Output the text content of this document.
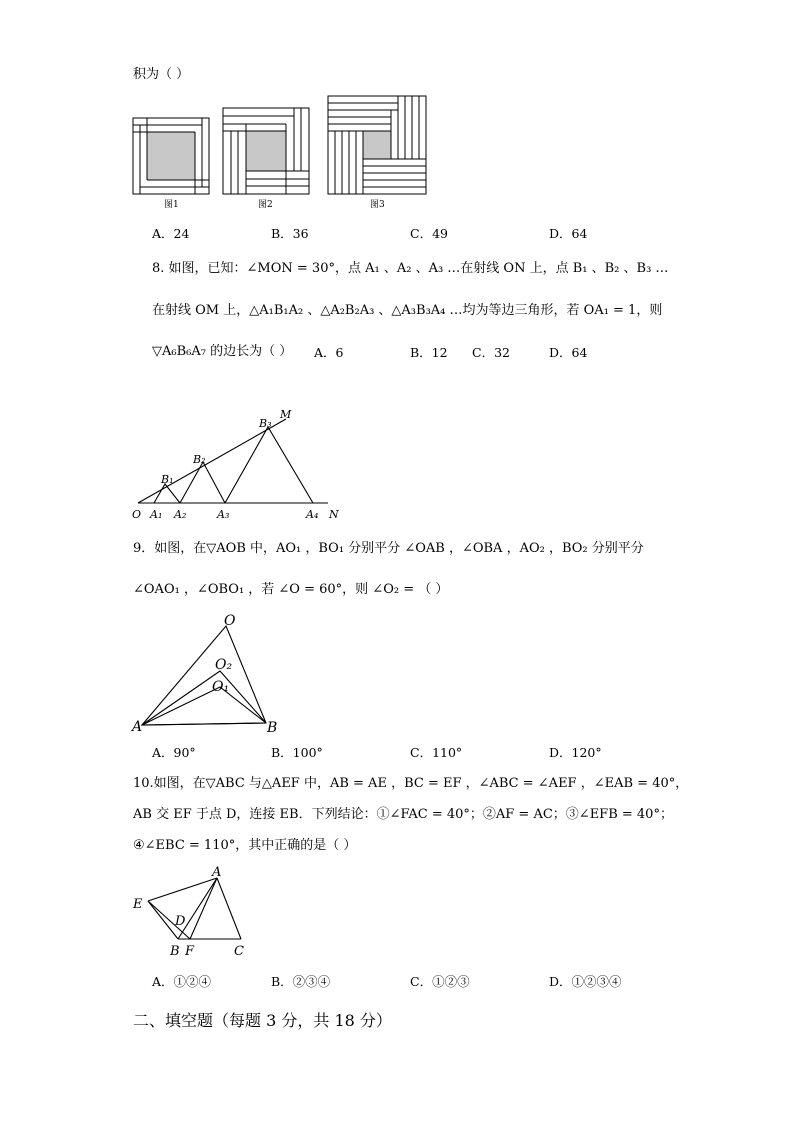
积为（ ）
图1	图2	图3
A．24	B．36	C．49	D．64
8. 如图，已知：∠MON = 30°，点 A₁ 、A₂ 、A₃ …在射线 ON 上，点 B₁ 、B₂ 、B₃ …
在射线 OM 上，△A₁B₁A₂ 、△A₂B₂A₃ 、△A₃B₃A₄ …均为等边三角形，若 OA₁ = 1，则
▽A₆B₆A₇ 的边长为（ ） A．6	B．12 C．32	D．64
O A₁ A₂	A₃	A₄ N
M
B₁
B₂
B₃
9．如图，在▽AOB 中，AO₁ ，BO₁ 分别平分 ∠OAB ，∠OBA ，AO₂ ，BO₂ 分别平分
∠OAO₁ ，∠OBO₁ ，若 ∠O = 60°，则 ∠O₂ = （ ）
O
O₂
O₁
A	B
A．90°	B．100°	C．110°	D．120°
10.如图，在▽ABC 与△AEF 中，AB = AE ，BC = EF ，∠ABC = ∠AEF ，∠EAB = 40°，
AB 交 EF 于点 D，连接 EB．下列结论：①∠FAC = 40°；②AF = AC；③∠EFB = 40°；
④∠EBC = 110°，其中正确的是（ ）
A
E
D
B F	C
A．①②④	B．②③④	C．①②③	D．①②③④
二、填空题（每题 3 分，共 18 分）
